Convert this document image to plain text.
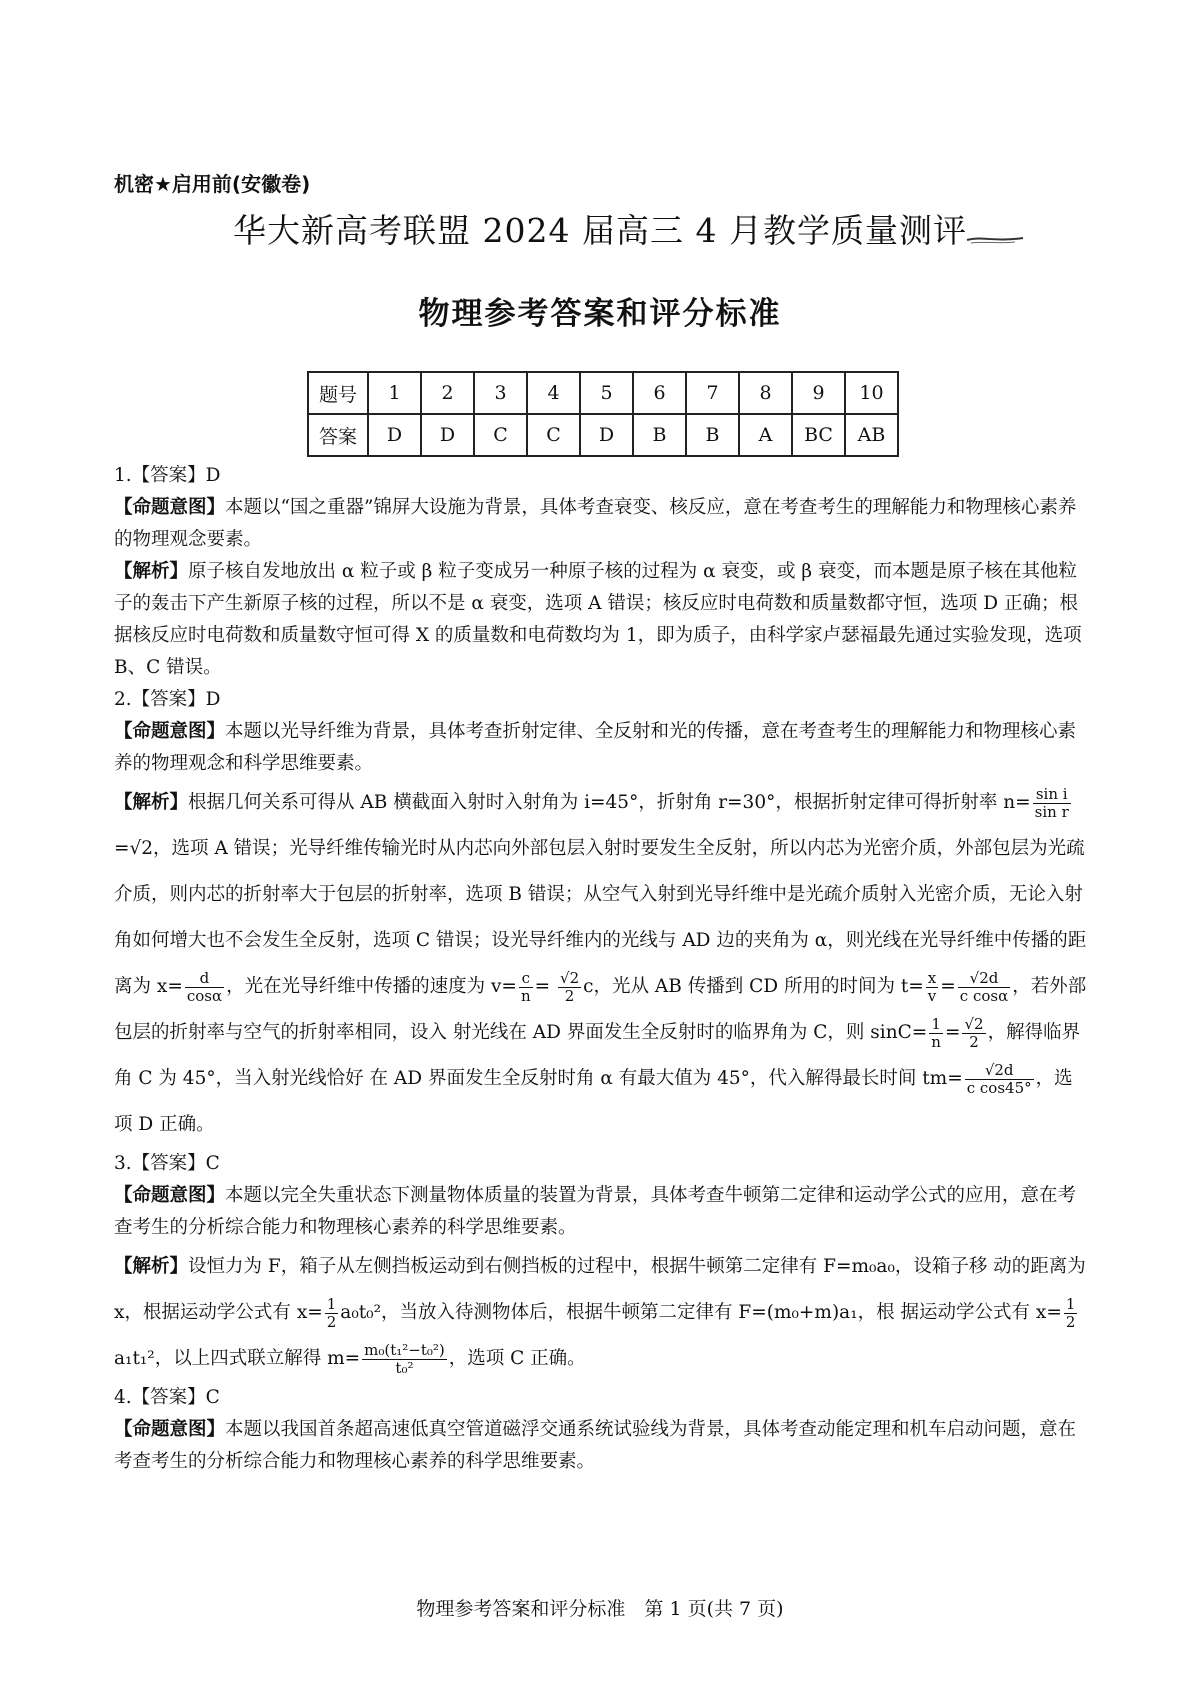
机密★启用前(安徽卷)
华大新高考联盟 2024 届高三 4 月教学质量测评
物理参考答案和评分标准
题号	1	2	3	4	5	6	7	8	9	10
答案	D	D	C	C	D	B	B	A	BC	AB

1.【答案】D

【命题意图】本题以“国之重器”锦屏大设施为背景，具体考查衰变、核反应，意在考查考生的理解能力和物理核心素养的物理观念要素。

【解析】原子核自发地放出 α 粒子或 β 粒子变成另一种原子核的过程为 α 衰变，或 β 衰变，而本题是原子核在其他粒子的轰击下产生新原子核的过程，所以不是 α 衰变，选项 A 错误；核反应时电荷数和质量数都守恒，选项 D 正确；根据核反应时电荷数和质量数守恒可得 X 的质量数和电荷数均为 1，即为质子，由科学家卢瑟福最先通过实验发现，选项 B、C 错误。

2.【答案】D

【命题意图】本题以光导纤维为背景，具体考查折射定律、全反射和光的传播，意在考查考生的理解能力和物理核心素养的物理观念和科学思维要素。

【解析】根据几何关系可得从 AB 横截面入射时入射角为 i=45°，折射角 r=30°，根据折射定律可得折射率 $n= \frac{\text{sin i}}{\text{sin r}}$
=√2，选项 A 错误；光导纤维传输光时从内芯向外部包层入射时要发生全反射，所以内芯为光密介质，外部包层为光疏介质，则内芯的折射率大于包层的折射率，选项 B 错误；从空气入射到光导纤维中是光疏介质射入光密介质，无论入射角如何增大也不会发生全反射，选项 C 错误；设光导纤维内的光线与 AD 边的夹角为 α，则光线在光导纤维中传播的距离为 $x= \frac{d}{\cos\alpha}$ ，光在光导纤维中传播的速度为 $v= \frac{c}{n} = \frac{√2}{2}$ c，光从 AB 传播到 CD 所用的时间为 $t= \frac{x}{v} = \frac{√2d}{\text{c cosα}}$ ，若外部包层的折射率与空气的折射率相同，设入 射光线在 AD 界面发生全反射时的临界角为 C，则 $\sin C= \frac{1}{n} = \frac{√2}{2}$ ，解得临界角 C 为 45°，当入射光线恰好 在 AD 界面发生全反射时角 α 有最大值为 45°，代入解得最长时间 $tm= \frac{√2d}{\text{c cos45°}}$ ，选项 D 正确。

3.【答案】C

【命题意图】本题以完全失重状态下测量物体质量的装置为背景，具体考查牛顿第二定律和运动学公式的应用，意在考查考生的分析综合能力和物理核心素养的科学思维要素。

【解析】设恒力为 F，箱子从左侧挡板运动到右侧挡板的过程中，根据牛顿第二定律有 F=m₀a₀，设箱子移 动的距离为 x，根据运动学公式有 $x= \frac{1}{2} a_0t_0^2$，当放入待测物体后，根据牛顿第二定律有 F=(m₀+m)a₁，根 据运动学公式有 $x= \frac{1}{2}$
a₁t₁²，以上四式联立解得 $m= \frac{\text{m₀(t₁²−t₀²)}}{\text{t₀²}}$ ，选项 C 正确。

4.【答案】C

【命题意图】本题以我国首条超高速低真空管道磁浮交通系统试验线为背景，具体考查动能定理和机车启动问题，意在考查考生的分析综合能力和物理核心素养的科学思维要素。

物理参考答案和评分标准　第 1 页(共 7 页)
